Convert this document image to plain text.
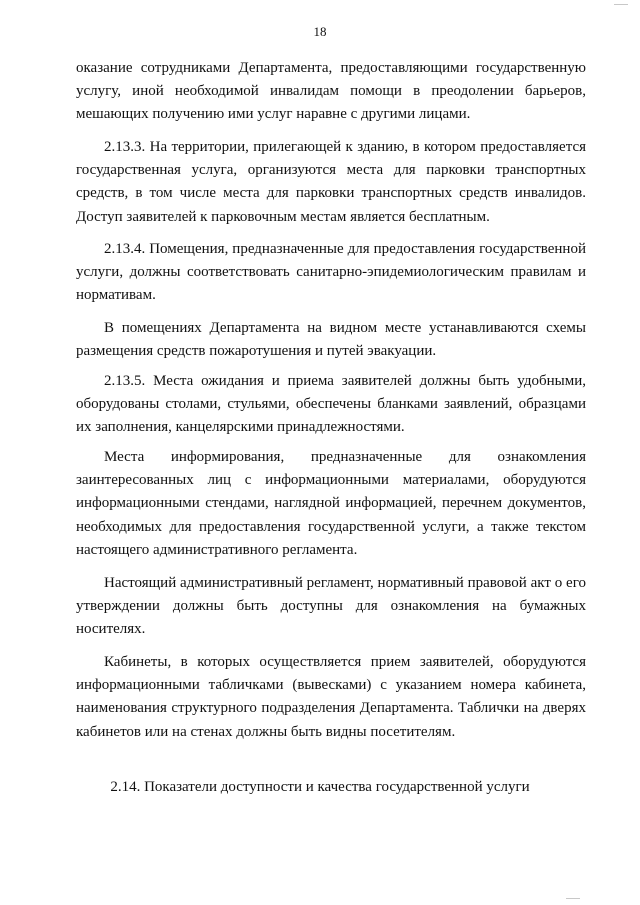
18

оказание сотрудниками Департамента, предоставляющими государственную услугу, иной необходимой инвалидам помощи в преодолении барьеров, мешающих получению ими услуг наравне с другими лицами.

2.13.3. На территории, прилегающей к зданию, в котором предоставляется государственная услуга, организуются места для парковки транспортных средств, в том числе места для парковки транспортных средств инвалидов. Доступ заявителей к парковочным местам является бесплатным.

2.13.4. Помещения, предназначенные для предоставления государственной услуги, должны соответствовать санитарно-эпидемиологическим правилам и нормативам.

В помещениях Департамента на видном месте устанавливаются схемы размещения средств пожаротушения и путей эвакуации.

2.13.5. Места ожидания и приема заявителей должны быть удобными, оборудованы столами, стульями, обеспечены бланками заявлений, образцами их заполнения, канцелярскими принадлежностями.

Места информирования, предназначенные для ознакомления заинтересованных лиц с информационными материалами, оборудуются информационными стендами, наглядной информацией, перечнем документов, необходимых для предоставления государственной услуги, а также текстом настоящего административного регламента.

Настоящий административный регламент, нормативный правовой акт о его утверждении должны быть доступны для ознакомления на бумажных носителях.

Кабинеты, в которых осуществляется прием заявителей, оборудуются информационными табличками (вывесками) с указанием номера кабинета, наименования структурного подразделения Департамента. Таблички на дверях кабинетов или на стенах должны быть видны посетителям.

2.14. Показатели доступности и качества государственной услуги
